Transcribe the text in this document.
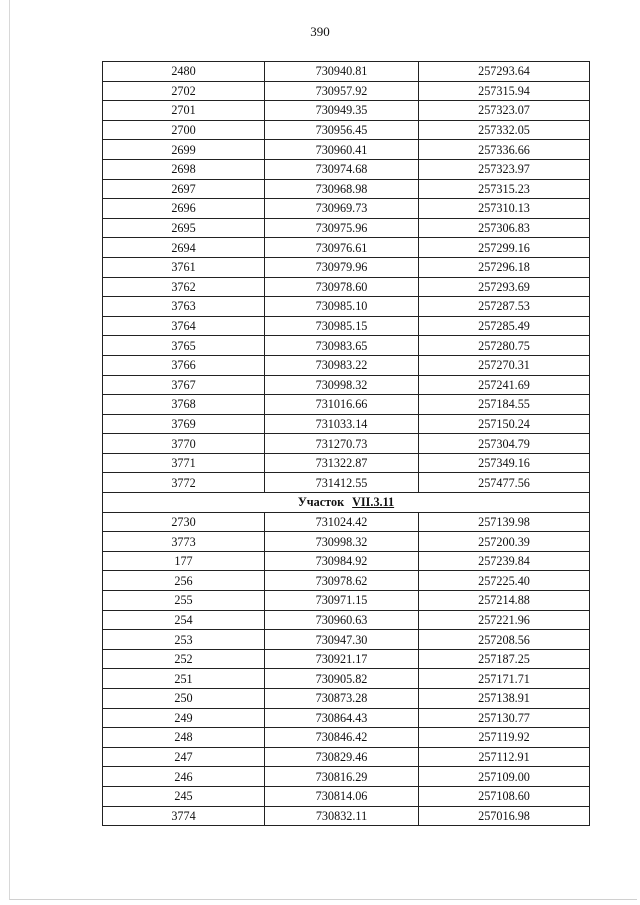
390
2480	730940.81	257293.64
2702	730957.92	257315.94
2701	730949.35	257323.07
2700	730956.45	257332.05
2699	730960.41	257336.66
2698	730974.68	257323.97
2697	730968.98	257315.23
2696	730969.73	257310.13
2695	730975.96	257306.83
2694	730976.61	257299.16
3761	730979.96	257296.18
3762	730978.60	257293.69
3763	730985.10	257287.53
3764	730985.15	257285.49
3765	730983.65	257280.75
3766	730983.22	257270.31
3767	730998.32	257241.69
3768	731016.66	257184.55
3769	731033.14	257150.24
3770	731270.73	257304.79
3771	731322.87	257349.16
3772	731412.55	257477.56
Участок VII.3.11		
2730	731024.42	257139.98
3773	730998.32	257200.39
177	730984.92	257239.84
256	730978.62	257225.40
255	730971.15	257214.88
254	730960.63	257221.96
253	730947.30	257208.56
252	730921.17	257187.25
251	730905.82	257171.71
250	730873.28	257138.91
249	730864.43	257130.77
248	730846.42	257119.92
247	730829.46	257112.91
246	730816.29	257109.00
245	730814.06	257108.60
3774	730832.11	257016.98
